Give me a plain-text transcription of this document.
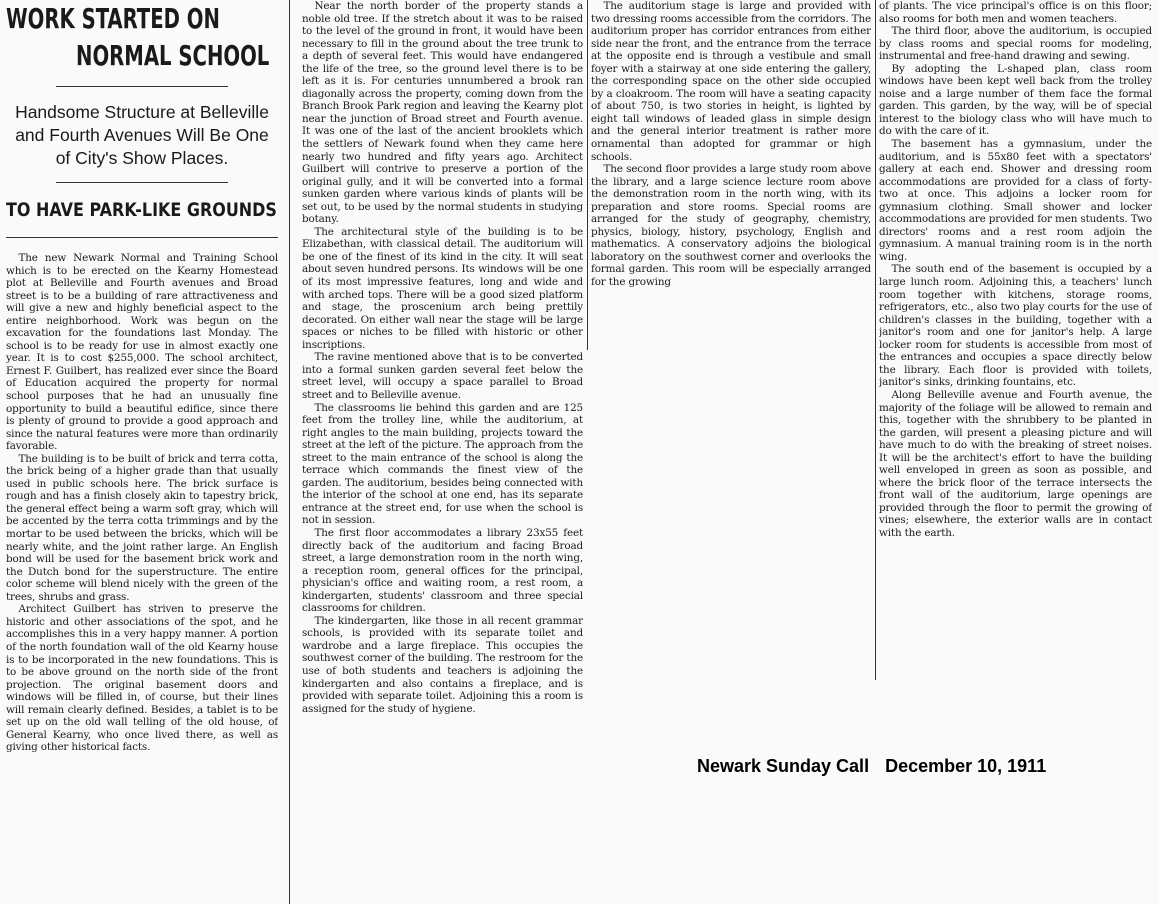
WORK STARTED ON
NORMAL SCHOOL
Handsome Structure at Belleville and Fourth Avenues Will Be One of City's Show Places.
TO HAVE PARK-LIKE GROUNDS

The new Newark Normal and Training School which is to be erected on the Kearny Homestead plot at Belleville and Fourth avenues and Broad street is to be a building of rare attractiveness and will give a new and highly beneficial aspect to the entire neighborhood. Work was begun on the excavation for the foundations last Monday. The school is to be ready for use in almost exactly one year. It is to cost $255,000. The school architect, Ernest F. Guilbert, has realized ever since the Board of Education acquired the property for normal school purposes that he had an unusually fine opportunity to build a beautiful edifice, since there is plenty of ground to provide a good approach and since the natural features were more than ordinarily favorable.

The building is to be built of brick and terra cotta, the brick being of a higher grade than that usually used in public schools here. The brick surface is rough and has a finish closely akin to tapestry brick, the general effect being a warm soft gray, which will be accented by the terra cotta trimmings and by the mortar to be used between the bricks, which will be nearly white, and the joint rather large. An English bond will be used for the basement brick work and the Dutch bond for the superstructure. The entire color scheme will blend nicely with the green of the trees, shrubs and grass.

Architect Guilbert has striven to preserve the historic and other associations of the spot, and he accomplishes this in a very happy manner. A portion of the north foundation wall of the old Kearny house is to be incorporated in the new foundations. This is to be above ground on the north side of the front projection. The original basement doors and windows will be filled in, of course, but their lines will remain clearly defined. Besides, a tablet is to be set up on the old wall telling of the old house, of General Kearny, who once lived there, as well as giving other historical facts.

Near the north border of the property stands a noble old tree. If the stretch about it was to be raised to the level of the ground in front, it would have been necessary to fill in the ground about the tree trunk to a depth of several feet. This would have endangered the life of the tree, so the ground level there is to be left as it is. For centuries unnumbered a brook ran diagonally across the property, coming down from the Branch Brook Park region and leaving the Kearny plot near the junction of Broad street and Fourth avenue. It was one of the last of the ancient brooklets which the settlers of Newark found when they came here nearly two hundred and fifty years ago. Architect Guilbert will contrive to preserve a portion of the original gully, and it will be converted into a formal sunken garden where various kinds of plants will be set out, to be used by the normal students in studying botany.

The architectural style of the building is to be Elizabethan, with classical detail. The auditorium will be one of the finest of its kind in the city. It will seat about seven hundred persons. Its windows will be one of its most impressive features, long and wide and with arched tops. There will be a good sized platform and stage, the proscenium arch being prettily decorated. On either wall near the stage will be large spaces or niches to be filled with historic or other inscriptions.

The ravine mentioned above that is to be converted into a formal sunken garden several feet below the street level, will occupy a space parallel to Broad street and to Belleville avenue.

The classrooms lie behind this garden and are 125 feet from the trolley line, while the auditorium, at right angles to the main building, projects toward the street at the left of the picture. The approach from the street to the main entrance of the school is along the terrace which commands the finest view of the garden. The auditorium, besides being connected with the interior of the school at one end, has its separate entrance at the street end, for use when the school is not in session.

The first floor accommodates a library 23x55 feet directly back of the auditorium and facing Broad street, a large demonstration room in the north wing, a reception room, general offices for the principal, physician's office and waiting room, a rest room, a kindergarten, students' classroom and three special classrooms for children.

The kindergarten, like those in all recent grammar schools, is provided with its separate toilet and wardrobe and a large fireplace. This occupies the southwest corner of the building. The restroom for the use of both students and teachers is adjoining the kindergarten and also contains a fireplace, and is provided with separate toilet. Adjoining this a room is assigned for the study of hygiene.

The auditorium stage is large and provided with two dressing rooms accessible from the corridors. The auditorium proper has corridor entrances from either side near the front, and the entrance from the terrace at the opposite end is through a vestibule and small foyer with a stairway at one side entering the gallery, the corresponding space on the other side occupied by a cloakroom. The room will have a seating capacity of about 750, is two stories in height, is lighted by eight tall windows of leaded glass in simple design and the general interior treatment is rather more ornamental than adopted for grammar or high schools.

The second floor provides a large study room above the library, and a large science lecture room above the demonstration room in the north wing, with its preparation and store rooms. Special rooms are arranged for the study of geography, chemistry, physics, biology, history, psychology, English and mathematics. A conservatory adjoins the biological laboratory on the southwest corner and overlooks the formal garden. This room will be especially arranged for the growing

of plants. The vice principal's office is on this floor; also rooms for both men and women teachers.

The third floor, above the auditorium, is occupied by class rooms and special rooms for modeling, instrumental and free-hand drawing and sewing.

By adopting the L-shaped plan, class room windows have been kept well back from the trolley noise and a large number of them face the formal garden. This garden, by the way, will be of special interest to the biology class who will have much to do with the care of it.

The basement has a gymnasium, under the auditorium, and is 55x80 feet with a spectators' gallery at each end. Shower and dressing room accommodations are provided for a class of forty-two at once. This adjoins a locker room for gymnasium clothing. Small shower and locker accommodations are provided for men students. Two directors' rooms and a rest room adjoin the gymnasium. A manual training room is in the north wing.

The south end of the basement is occupied by a large lunch room. Adjoining this, a teachers' lunch room together with kitchens, storage rooms, refrigerators, etc., also two play courts for the use of children's classes in the building, together with a janitor's room and one for janitor's help. A large locker room for students is accessible from most of the entrances and occupies a space directly below the library. Each floor is provided with toilets, janitor's sinks, drinking fountains, etc.

Along Belleville avenue and Fourth avenue, the majority of the foliage will be allowed to remain and this, together with the shrubbery to be planted in the garden, will present a pleasing picture and will have much to do with the breaking of street noises. It will be the architect's effort to have the building well enveloped in green as soon as possible, and where the brick floor of the terrace intersects the front wall of the auditorium, large openings are provided through the floor to permit the growing of vines; elsewhere, the exterior walls are in contact with the earth.

Newark Sunday Call December 10, 1911
